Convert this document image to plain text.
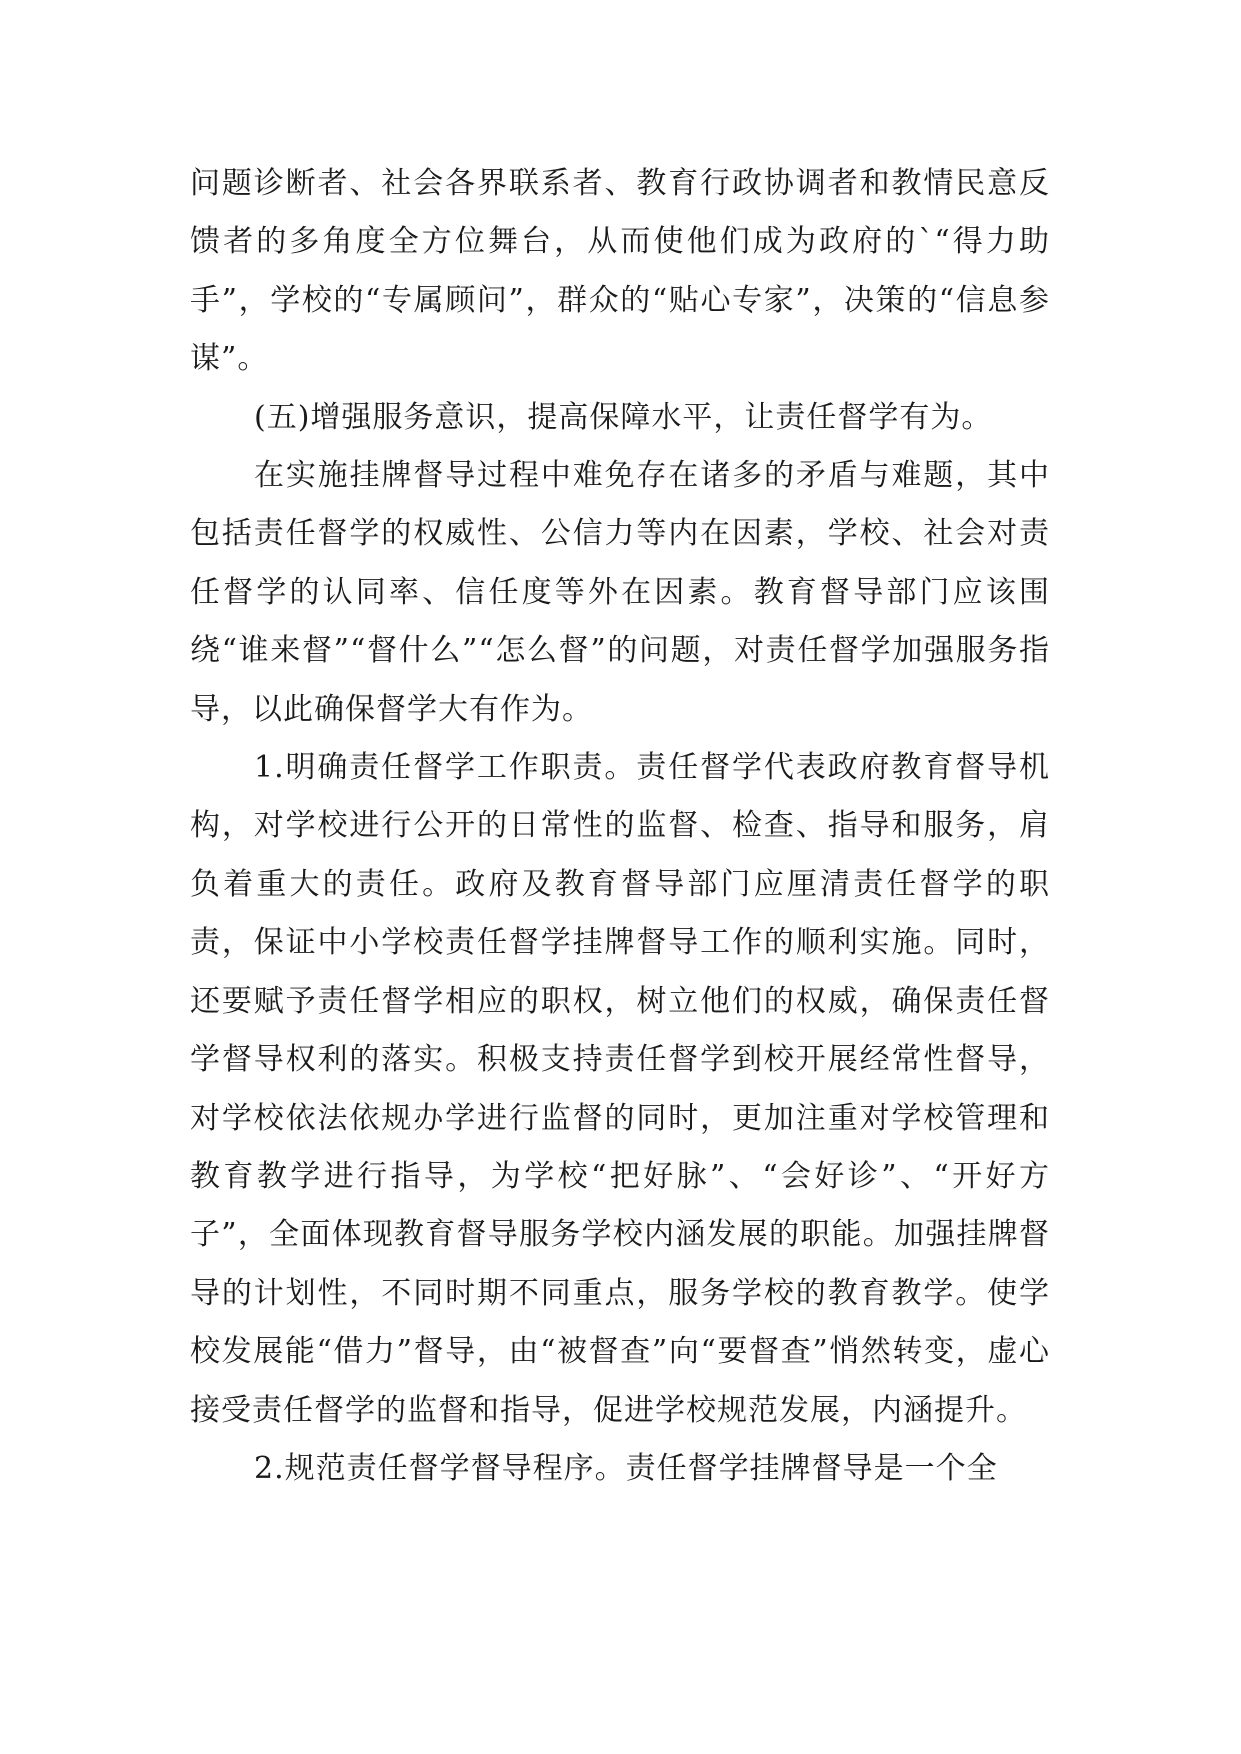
问题诊断者、社会各界联系者、教育行政协调者和教情民意反馈者的多角度全方位舞台，从而使他们成为政府的`“得力助手”，学校的“专属顾问”，群众的“贴心专家”，决策的“信息参谋”。

(五)增强服务意识，提高保障水平，让责任督学有为。

在实施挂牌督导过程中难免存在诸多的矛盾与难题，其中包括责任督学的权威性、公信力等内在因素，学校、社会对责任督学的认同率、信任度等外在因素。教育督导部门应该围绕“谁来督”“督什么”“怎么督”的问题，对责任督学加强服务指导，以此确保督学大有作为。

1.明确责任督学工作职责。责任督学代表政府教育督导机构，对学校进行公开的日常性的监督、检查、指导和服务，肩负着重大的责任。政府及教育督导部门应厘清责任督学的职责，保证中小学校责任督学挂牌督导工作的顺利实施。同时，还要赋予责任督学相应的职权，树立他们的权威，确保责任督学督导权利的落实。积极支持责任督学到校开展经常性督导，对学校依法依规办学进行监督的同时，更加注重对学校管理和教育教学进行指导，为学校“把好脉”、“会好诊”、“开好方子”，全面体现教育督导服务学校内涵发展的职能。加强挂牌督导的计划性，不同时期不同重点，服务学校的教育教学。使学校发展能“借力”督导，由“被督查”向“要督查”悄然转变，虚心接受责任督学的监督和指导，促进学校规范发展，内涵提升。

2.规范责任督学督导程序。责任督学挂牌督导是一个全
